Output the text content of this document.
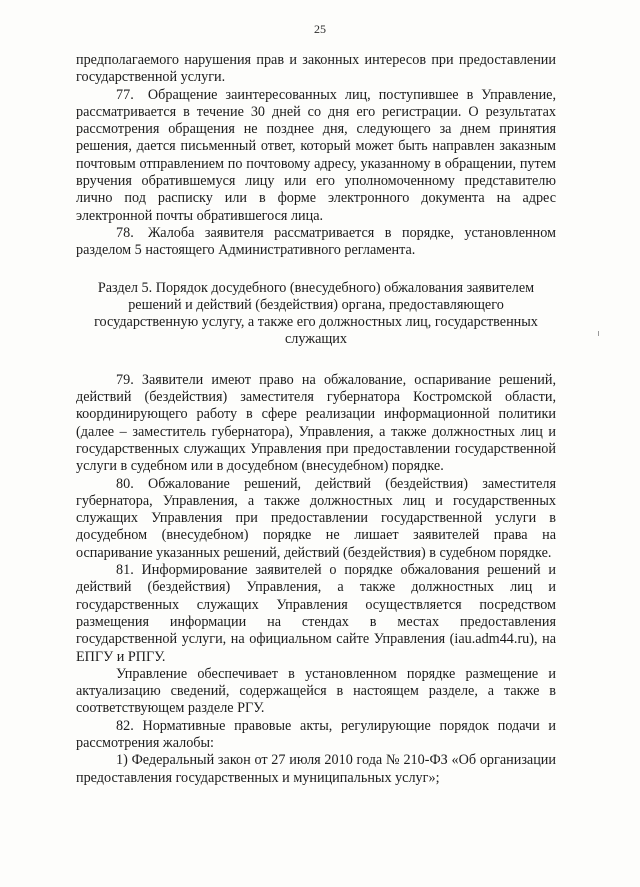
25

предполагаемого нарушения прав и законных интересов при предоставлении государственной услуги.

77. Обращение заинтересованных лиц, поступившее в Управление, рассматривается в течение 30 дней со дня его регистрации. О результатах рассмотрения обращения не позднее дня, следующего за днем принятия решения, дается письменный ответ, который может быть направлен заказным почтовым отправлением по почтовому адресу, указанному в обращении, путем вручения обратившемуся лицу или его уполномоченному представителю лично под расписку или в форме электронного документа на адрес электронной почты обратившегося лица.

78. Жалоба заявителя рассматривается в порядке, установленном разделом 5 настоящего Административного регламента.

Раздел 5. Порядок досудебного (внесудебного) обжалования заявителем решений и действий (бездействия) органа, предоставляющего государственную услугу, а также его должностных лиц, государственных служащих

79. Заявители имеют право на обжалование, оспаривание решений, действий (бездействия) заместителя губернатора Костромской области, координирующего работу в сфере реализации информационной политики (далее – заместитель губернатора), Управления, а также должностных лиц и государственных служащих Управления при предоставлении государственной услуги в судебном или в досудебном (внесудебном) порядке.

80. Обжалование решений, действий (бездействия) заместителя губернатора, Управления, а также должностных лиц и государственных служащих Управления при предоставлении государственной услуги в досудебном (внесудебном) порядке не лишает заявителей права на оспаривание указанных решений, действий (бездействия) в судебном порядке.

81. Информирование заявителей о порядке обжалования решений и действий (бездействия) Управления, а также должностных лиц и государственных служащих Управления осуществляется посредством размещения информации на стендах в местах предоставления государственной услуги, на официальном сайте Управления (iau.adm44.ru), на ЕПГУ и РПГУ.

Управление обеспечивает в установленном порядке размещение и актуализацию сведений, содержащейся в настоящем разделе, а также в соответствующем разделе РГУ.

82. Нормативные правовые акты, регулирующие порядок подачи и рассмотрения жалобы:

1) Федеральный закон от 27 июля 2010 года № 210-ФЗ «Об организации предоставления государственных и муниципальных услуг»;
